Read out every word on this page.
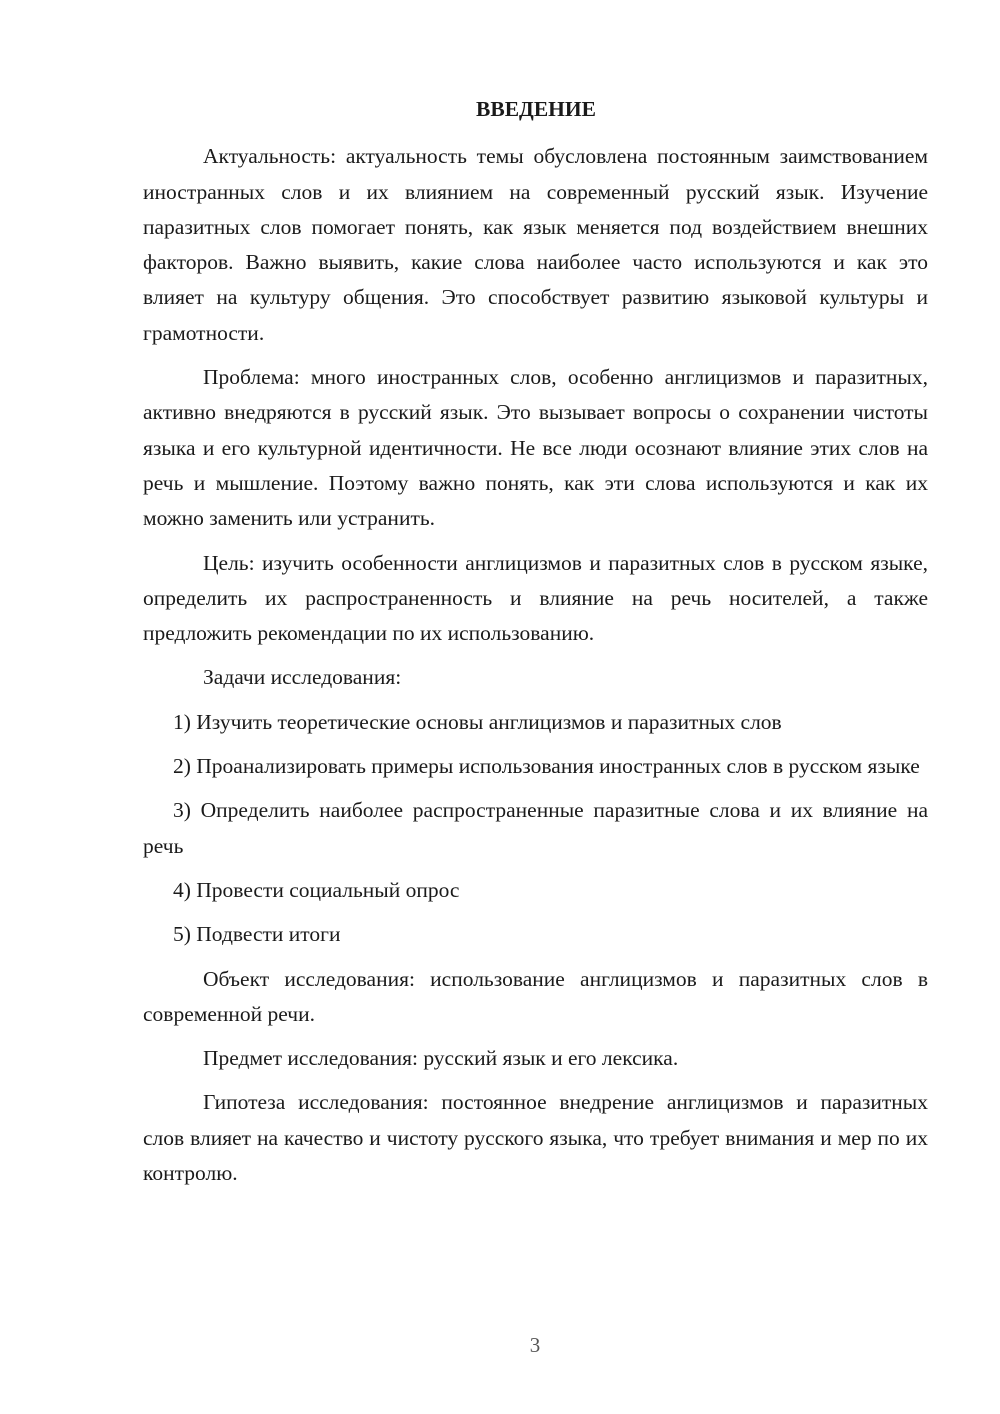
ВВЕДЕНИЕ

Актуальность: актуальность темы обусловлена постоянным заимствованием иностранных слов и их влиянием на современный русский язык. Изучение паразитных слов помогает понять, как язык меняется под воздействием внешних факторов. Важно выявить, какие слова наиболее часто используются и как это влияет на культуру общения. Это способствует развитию языковой культуры и грамотности.

Проблема: много иностранных слов, особенно англицизмов и паразитных, активно внедряются в русский язык. Это вызывает вопросы о сохранении чистоты языка и его культурной идентичности. Не все люди осознают влияние этих слов на речь и мышление. Поэтому важно понять, как эти слова используются и как их можно заменить или устранить.

Цель: изучить особенности англицизмов и паразитных слов в русском языке, определить их распространенность и влияние на речь носителей, а также предложить рекомендации по их использованию.

Задачи исследования:

1) Изучить теоретические основы англицизмов и паразитных слов

2) Проанализировать примеры использования иностранных слов в русском языке

3) Определить наиболее распространенные паразитные слова и их влияние на речь

4) Провести социальный опрос

5) Подвести итоги

Объект исследования: использование англицизмов и паразитных слов в современной речи.

Предмет исследования: русский язык и его лексика.

Гипотеза исследования: постоянное внедрение англицизмов и паразитных слов влияет на качество и чистоту русского языка, что требует внимания и мер по их контролю.

3
